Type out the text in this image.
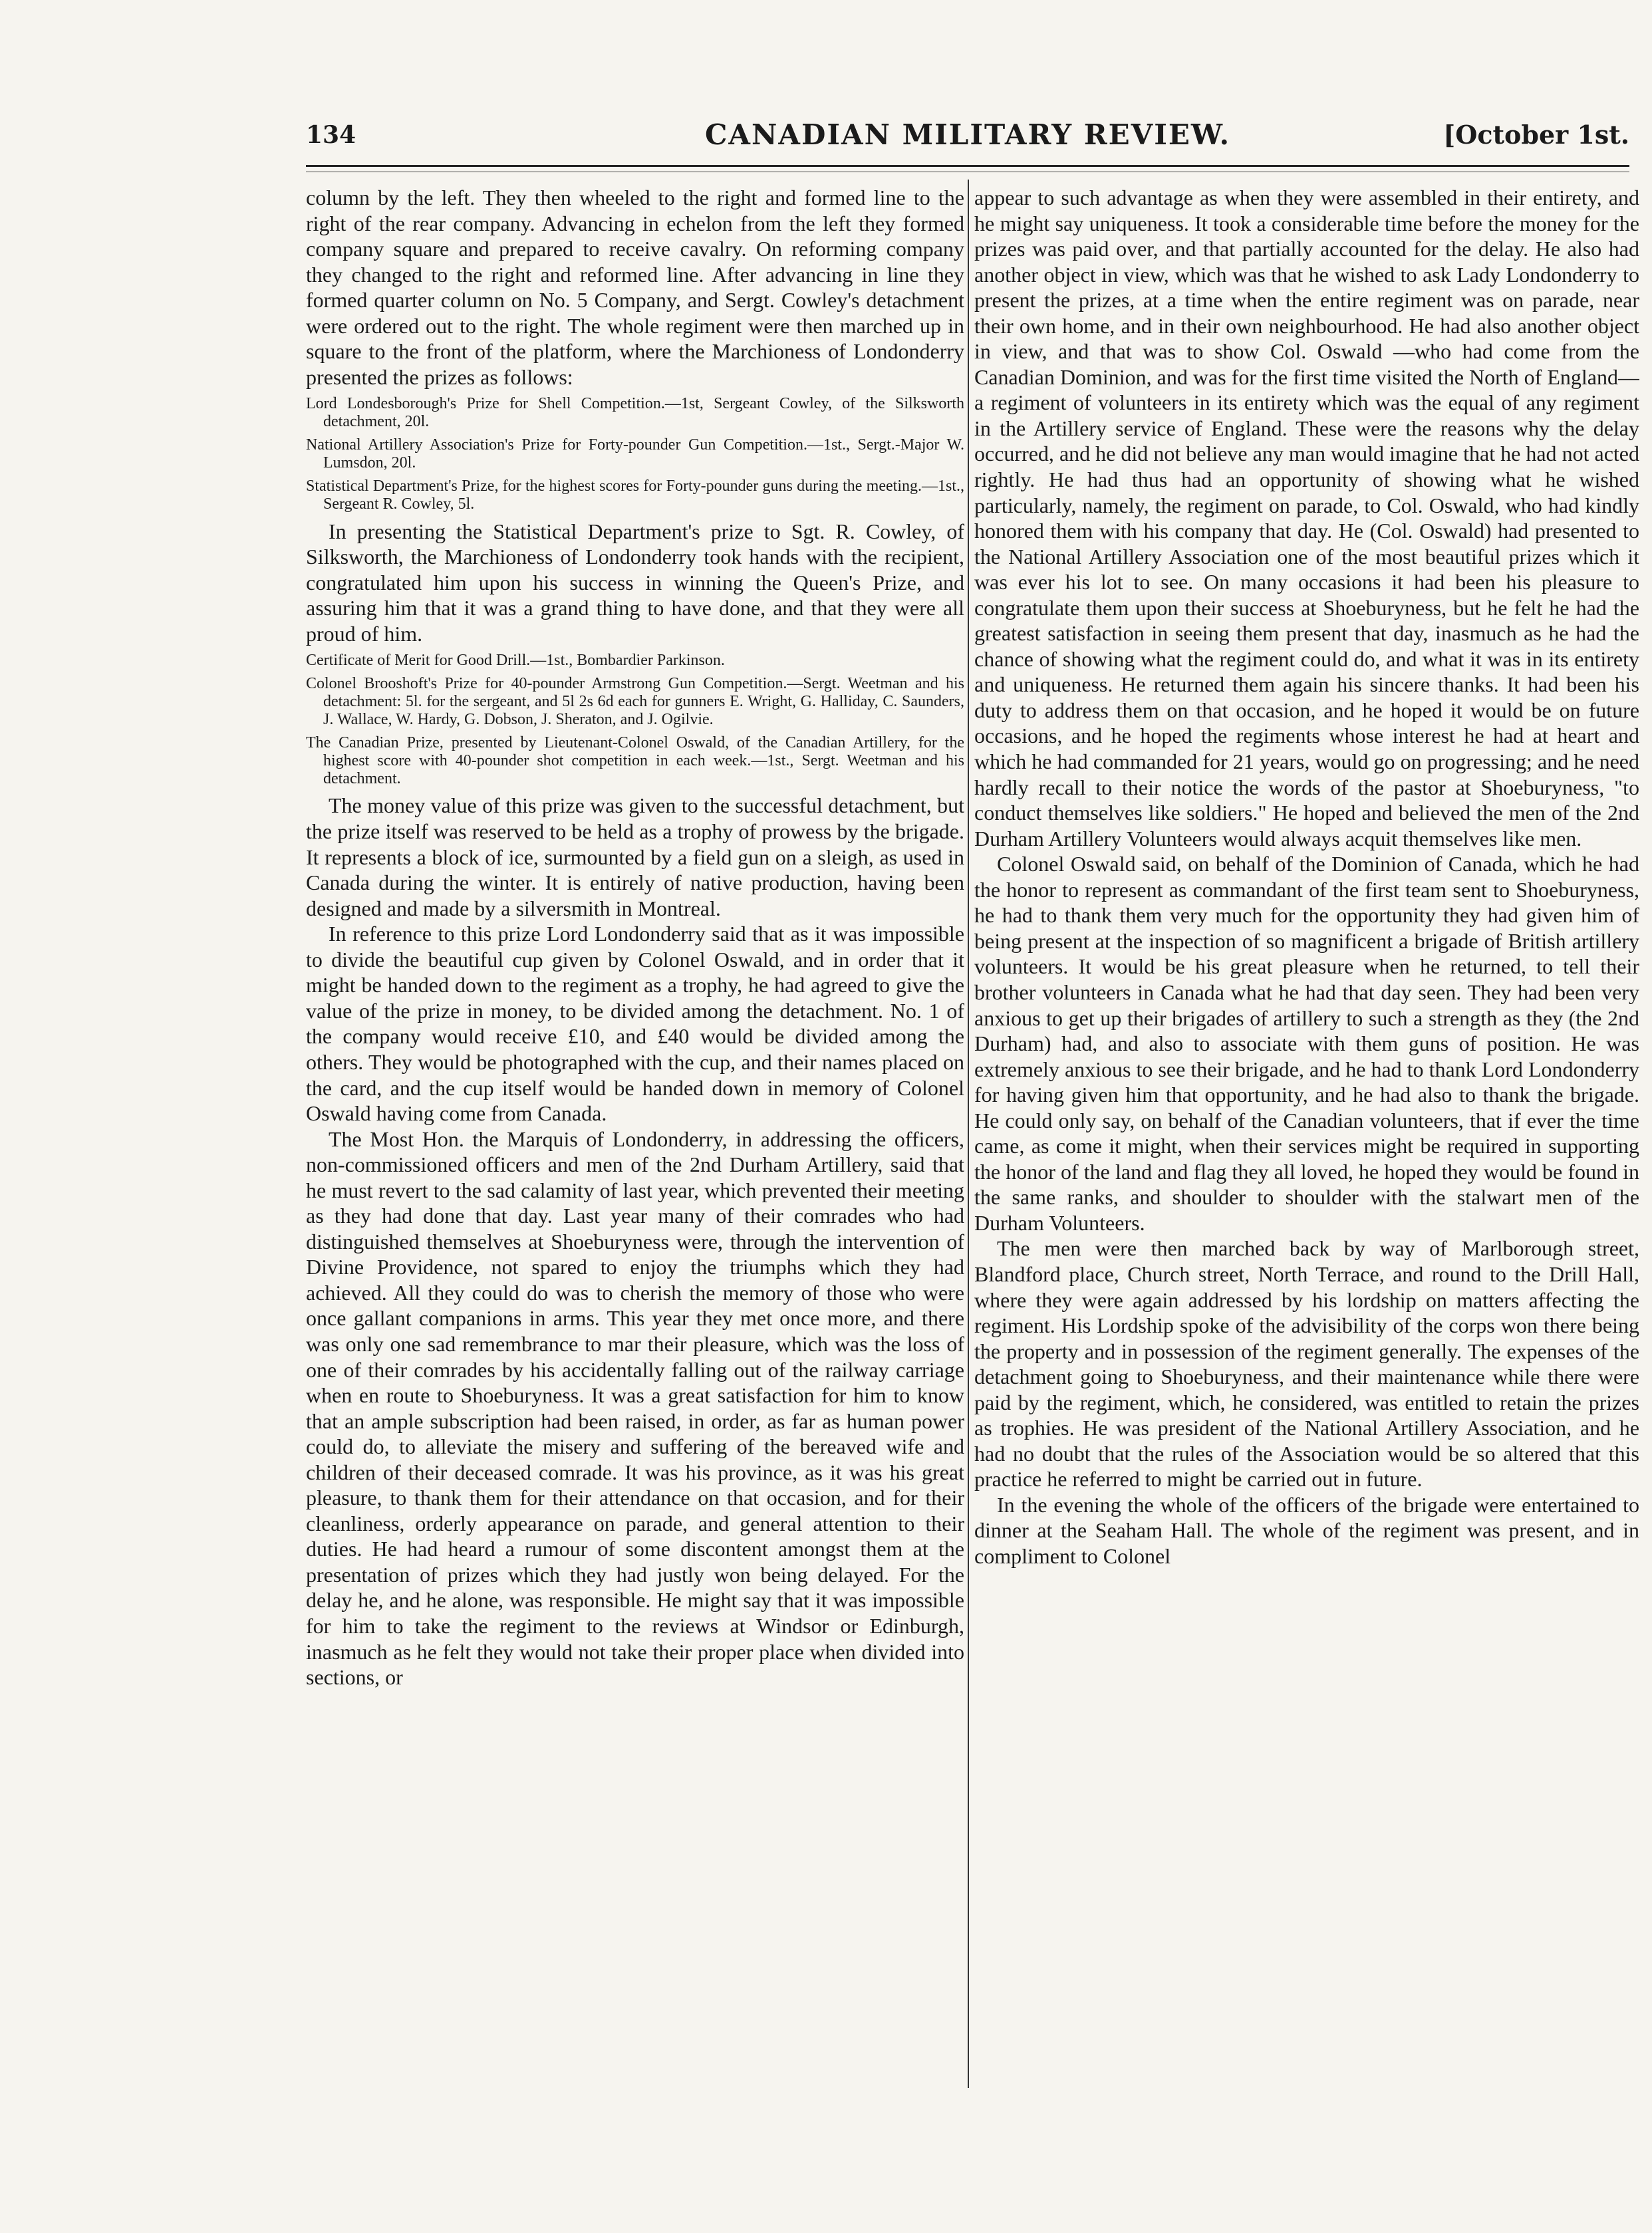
134	CANADIAN MILITARY REVIEW.	[October 1st.

column by the left. They then wheeled to the right and formed line to the right of the rear company. Advancing in echelon from the left they formed company square and prepared to receive cavalry. On reforming company they changed to the right and reformed line. After advancing in line they formed quarter column on No. 5 Company, and Sergt. Cowley's detachment were ordered out to the right. The whole regiment were then marched up in square to the front of the platform, where the Marchioness of Londonderry presented the prizes as follows:

Lord Londesborough's Prize for Shell Competition.—1st, Sergeant Cowley, of the Silksworth detachment, 20l.

National Artillery Association's Prize for Forty-pounder Gun Competition.—1st., Sergt.-Major W. Lumsdon, 20l.

Statistical Department's Prize, for the highest scores for Forty-pounder guns during the meeting.—1st., Sergeant R. Cowley, 5l.

In presenting the Statistical Department's prize to Sgt. R. Cowley, of Silksworth, the Marchioness of Londonderry took hands with the recipient, congratulated him upon his success in winning the Queen's Prize, and assuring him that it was a grand thing to have done, and that they were all proud of him.

Certificate of Merit for Good Drill.—1st., Bombardier Parkinson.

Colonel Brooshoft's Prize for 40-pounder Armstrong Gun Competition.—Sergt. Weetman and his detachment: 5l. for the sergeant, and 5l 2s 6d each for gunners E. Wright, G. Halliday, C. Saunders, J. Wallace, W. Hardy, G. Dobson, J. Sheraton, and J. Ogilvie.

The Canadian Prize, presented by Lieutenant-Colonel Oswald, of the Canadian Artillery, for the highest score with 40-pounder shot competition in each week.—1st., Sergt. Weetman and his detachment.

The money value of this prize was given to the successful detachment, but the prize itself was reserved to be held as a trophy of prowess by the brigade. It represents a block of ice, surmounted by a field gun on a sleigh, as used in Canada during the winter. It is entirely of native production, having been designed and made by a silversmith in Montreal.

In reference to this prize Lord Londonderry said that as it was impossible to divide the beautiful cup given by Colonel Oswald, and in order that it might be handed down to the regiment as a trophy, he had agreed to give the value of the prize in money, to be divided among the detachment. No. 1 of the company would receive £10, and £40 would be divided among the others. They would be photographed with the cup, and their names placed on the card, and the cup itself would be handed down in memory of Colonel Oswald having come from Canada.

The Most Hon. the Marquis of Londonderry, in addressing the officers, non-commissioned officers and men of the 2nd Durham Artillery, said that he must revert to the sad calamity of last year, which prevented their meeting as they had done that day. Last year many of their comrades who had distinguished themselves at Shoeburyness were, through the intervention of Divine Providence, not spared to enjoy the triumphs which they had achieved. All they could do was to cherish the memory of those who were once gallant companions in arms. This year they met once more, and there was only one sad remembrance to mar their pleasure, which was the loss of one of their comrades by his accidentally falling out of the railway carriage when en route to Shoeburyness. It was a great satisfaction for him to know that an ample subscription had been raised, in order, as far as human power could do, to alleviate the misery and suffering of the bereaved wife and children of their deceased comrade. It was his province, as it was his great pleasure, to thank them for their attendance on that occasion, and for their cleanliness, orderly appearance on parade, and general attention to their duties. He had heard a rumour of some discontent amongst them at the presentation of prizes which they had justly won being delayed. For the delay he, and he alone, was responsible. He might say that it was impossible for him to take the regiment to the reviews at Windsor or Edinburgh, inasmuch as he felt they would not take their proper place when divided into sections, or

appear to such advantage as when they were assembled in their entirety, and he might say uniqueness. It took a considerable time before the money for the prizes was paid over, and that partially accounted for the delay. He also had another object in view, which was that he wished to ask Lady Londonderry to present the prizes, at a time when the entire regiment was on parade, near their own home, and in their own neighbourhood. He had also another object in view, and that was to show Col. Oswald —who had come from the Canadian Dominion, and was for the first time visited the North of England—a regiment of volunteers in its entirety which was the equal of any regiment in the Artillery service of England. These were the reasons why the delay occurred, and he did not believe any man would imagine that he had not acted rightly. He had thus had an opportunity of showing what he wished particularly, namely, the regiment on parade, to Col. Oswald, who had kindly honored them with his company that day. He (Col. Oswald) had presented to the National Artillery Association one of the most beautiful prizes which it was ever his lot to see. On many occasions it had been his pleasure to congratulate them upon their success at Shoeburyness, but he felt he had the greatest satisfaction in seeing them present that day, inasmuch as he had the chance of showing what the regiment could do, and what it was in its entirety and uniqueness. He returned them again his sincere thanks. It had been his duty to address them on that occasion, and he hoped it would be on future occasions, and he hoped the regiments whose interest he had at heart and which he had commanded for 21 years, would go on progressing; and he need hardly recall to their notice the words of the pastor at Shoeburyness, "to conduct themselves like soldiers." He hoped and believed the men of the 2nd Durham Artillery Volunteers would always acquit themselves like men.

Colonel Oswald said, on behalf of the Dominion of Canada, which he had the honor to represent as commandant of the first team sent to Shoeburyness, he had to thank them very much for the opportunity they had given him of being present at the inspection of so magnificent a brigade of British artillery volunteers. It would be his great pleasure when he returned, to tell their brother volunteers in Canada what he had that day seen. They had been very anxious to get up their brigades of artillery to such a strength as they (the 2nd Durham) had, and also to associate with them guns of position. He was extremely anxious to see their brigade, and he had to thank Lord Londonderry for having given him that opportunity, and he had also to thank the brigade. He could only say, on behalf of the Canadian volunteers, that if ever the time came, as come it might, when their services might be required in supporting the honor of the land and flag they all loved, he hoped they would be found in the same ranks, and shoulder to shoulder with the stalwart men of the Durham Volunteers.

The men were then marched back by way of Marlborough street, Blandford place, Church street, North Terrace, and round to the Drill Hall, where they were again addressed by his lordship on matters affecting the regiment. His Lordship spoke of the advisibility of the corps won there being the property and in possession of the regiment generally. The expenses of the detachment going to Shoeburyness, and their maintenance while there were paid by the regiment, which, he considered, was entitled to retain the prizes as trophies. He was president of the National Artillery Association, and he had no doubt that the rules of the Association would be so altered that this practice he referred to might be carried out in future.

In the evening the whole of the officers of the brigade were entertained to dinner at the Seaham Hall. The whole of the regiment was present, and in compliment to Colonel
